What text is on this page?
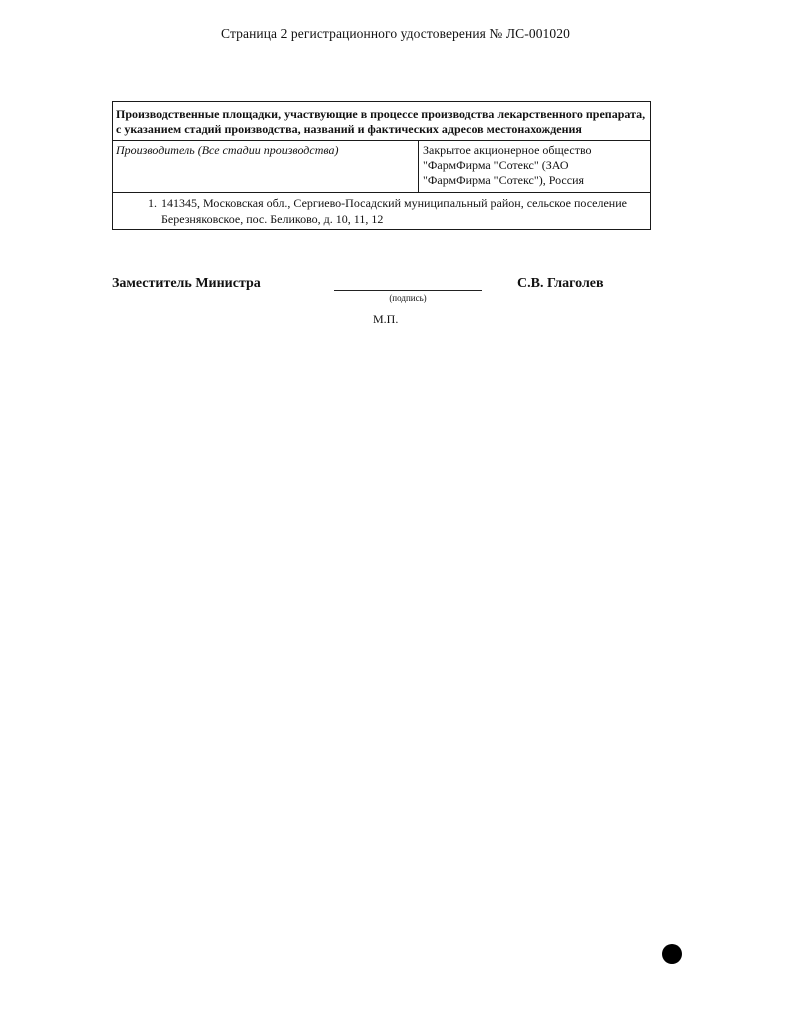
Страница 2 регистрационного удостоверения № ЛС-001020
Производственные площадки, участвующие в процессе производства лекарственного препарата, с указанием стадий производства, названий и фактических адресов местонахождения
Производитель (Все стадии производства)	Закрытое акционерное общество
"ФармФирма "Сотекс" (ЗАО
"ФармФирма "Сотекс"), Россия
1. 141345, Московская обл., Сергиево-Посадский муниципальный район, сельское поселение
Березняковское, пос. Беликово, д. 10, 11, 12
Заместитель Министра
(подпись)
С.В. Глаголев
М.П.
